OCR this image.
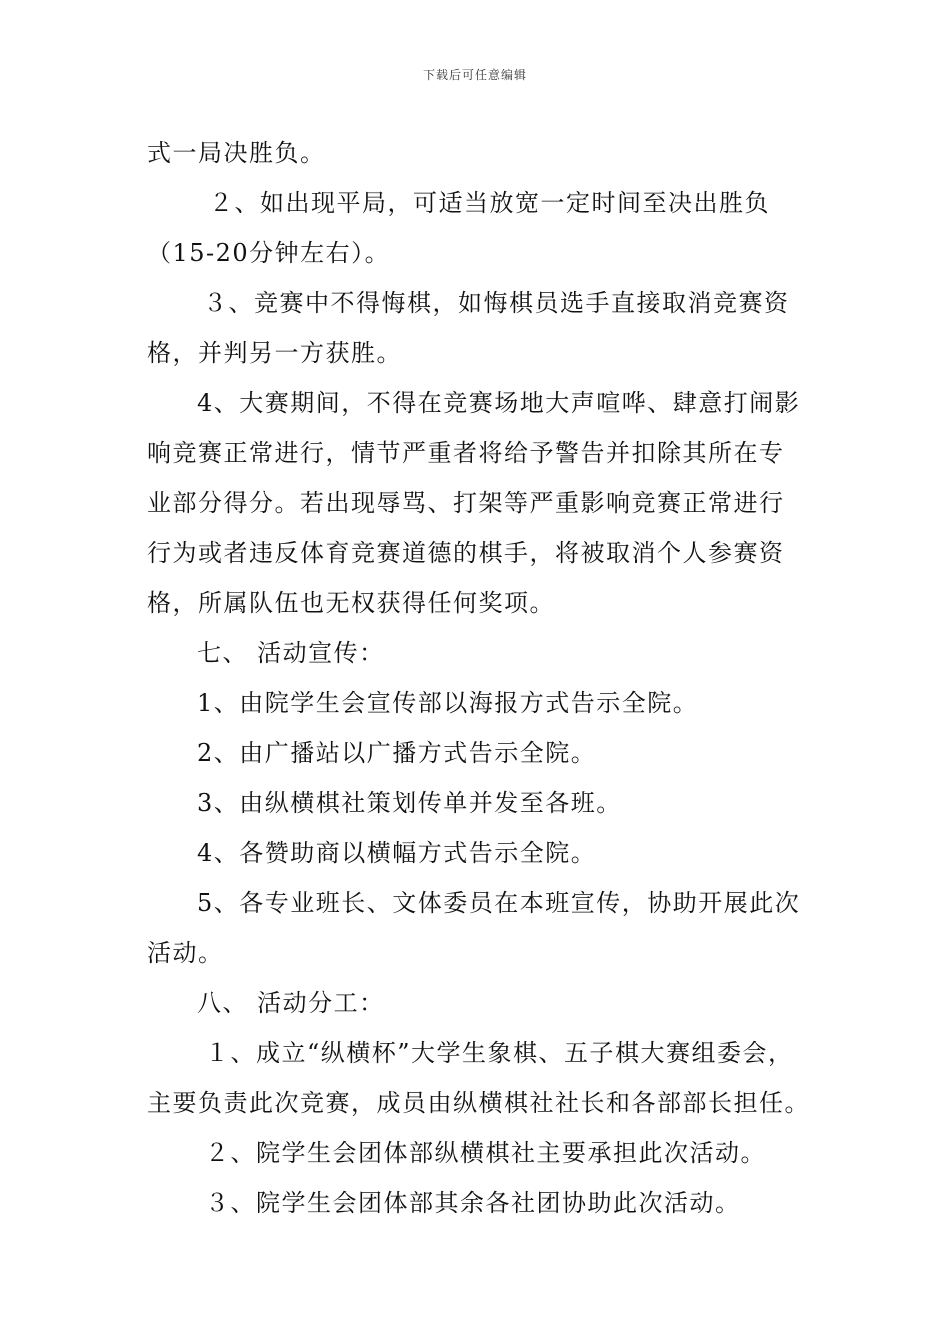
下载后可任意编辑
式一局决胜负。
２、如出现平局，可适当放宽一定时间至决出胜负
（15-20分钟左右）。
３、竞赛中不得悔棋，如悔棋员选手直接取消竞赛资
格，并判另一方获胜。
4、大赛期间，不得在竞赛场地大声喧哗、肆意打闹影
响竞赛正常进行，情节严重者将给予警告并扣除其所在专
业部分得分。若出现辱骂、打架等严重影响竞赛正常进行
行为或者违反体育竞赛道德的棋手，将被取消个人参赛资
格，所属队伍也无权获得任何奖项。
七、 活动宣传：
1、由院学生会宣传部以海报方式告示全院。
2、由广播站以广播方式告示全院。
3、由纵横棋社策划传单并发至各班。
4、各赞助商以横幅方式告示全院。
5、各专业班长、文体委员在本班宣传，协助开展此次
活动。
八、 活动分工：
１、成立“纵横杯”大学生象棋、五子棋大赛组委会，
主要负责此次竞赛，成员由纵横棋社社长和各部部长担任。
２、院学生会团体部纵横棋社主要承担此次活动。
３、院学生会团体部其余各社团协助此次活动。
